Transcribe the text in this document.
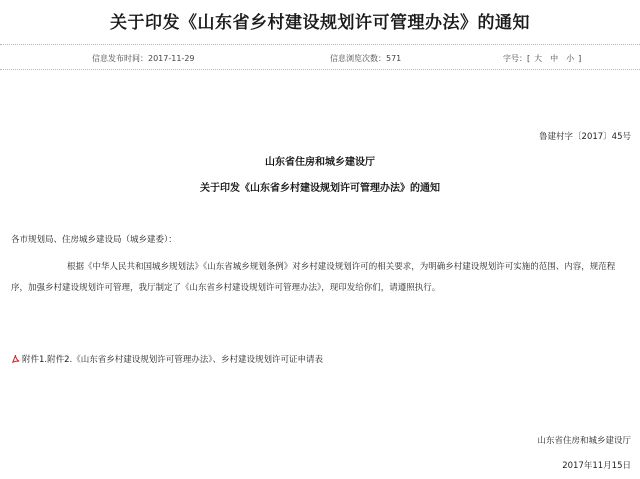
关于印发《山东省乡村建设规划许可管理办法》的通知
信息发布时间：2017-11-29	信息浏览次数：571	字号：[ 大 中 小 ]
鲁建村字〔2017〕45号
山东省住房和城乡建设厅
关于印发《山东省乡村建设规划许可管理办法》的通知
各市规划局、住房城乡建设局（城乡建委）：
根据《中华人民共和国城乡规划法》《山东省城乡规划条例》对乡村建设规划许可的相关要求，为明确乡村建设规划许可实施的范围、内容，规范程序，加强乡村建设规划许可管理，我厅制定了《山东省乡村建设规划许可管理办法》，现印发给你们，请遵照执行。
附件1.附件2.《山东省乡村建设规划许可管理办法》、乡村建设规划许可证申请表
山东省住房和城乡建设厅
2017年11月15日
